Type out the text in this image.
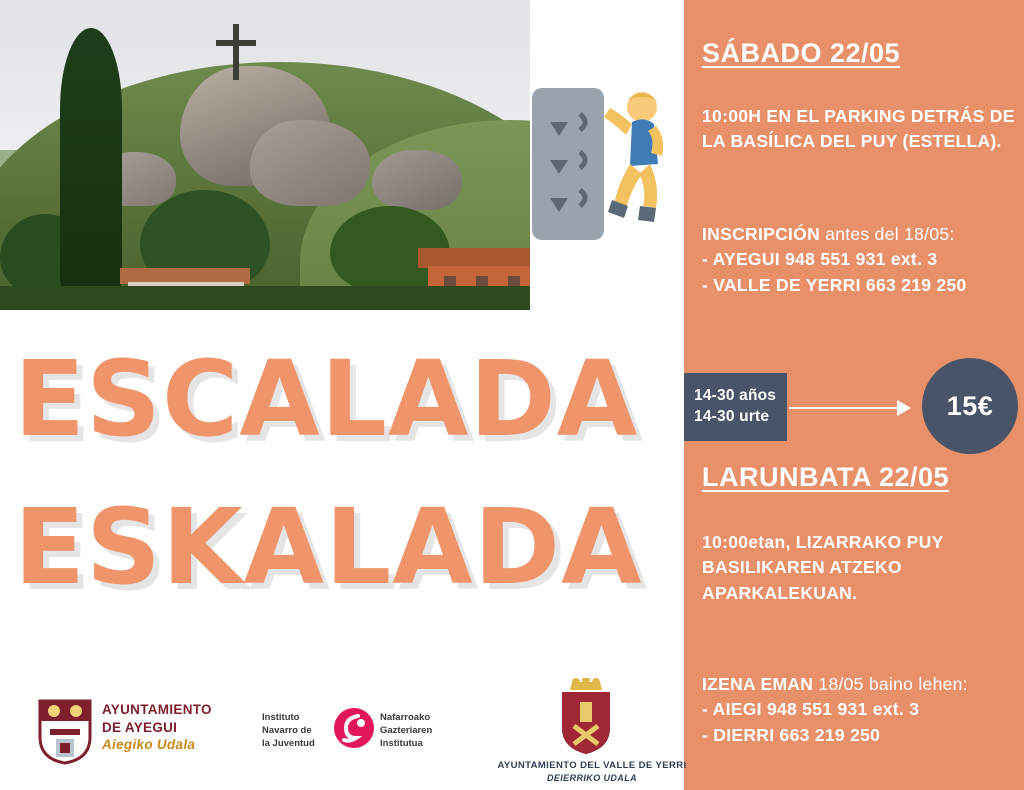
ESCALADA
ESKALADA
SÁBADO 22/05
10:00H EN EL PARKING DETRÁS DE LA BASÍLICA DEL PUY (ESTELLA).
INSCRIPCIÓN antes del 18/05:
- AYEGUI 948 551 931 ext. 3
- VALLE DE YERRI 663 219 250
LARUNBATA 22/05
10:00etan, LIZARRAKO PUY BASILIKAREN ATZEKO APARKALEKUAN.
IZENA EMAN 18/05 baino lehen:
- AIEGI 948 551 931 ext. 3
- DIERRI 663 219 250
14-30 años
14-30 urte	15€
AYUNTAMIENTO
DE AYEGUI
Aiegiko Udala
Instituto
Navarro de
la Juventud
Nafarroako
Gazteriaren
Institutua
AYUNTAMIENTO DEL VALLE DE YERRI
DEIERRIKO UDALA
